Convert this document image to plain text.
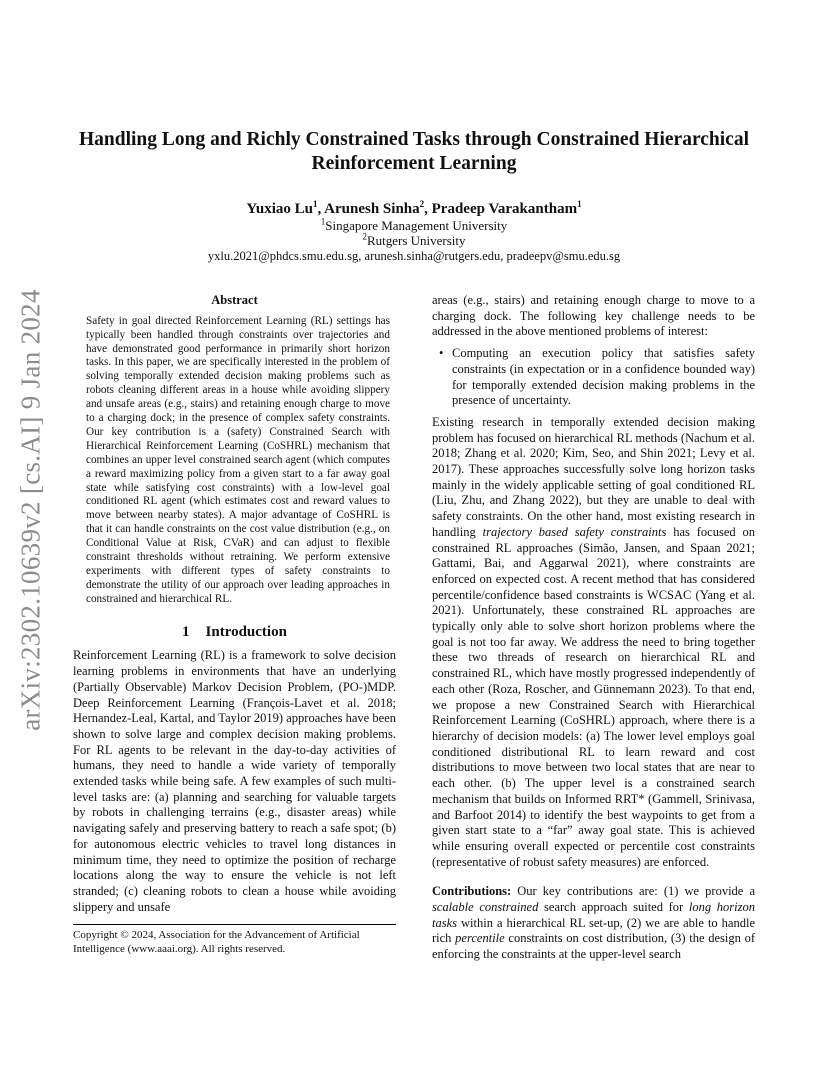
arXiv:2302.10639v2 [cs.AI] 9 Jan 2024
Handling Long and Richly Constrained Tasks through Constrained Hierarchical Reinforcement Learning
Yuxiao Lu$^1$, Arunesh Sinha$^2$, Pradeep Varakantham$^1$
$^1$Singapore Management University
$^2$Rutgers University
yxlu.2021@phdcs.smu.edu.sg, arunesh.sinha@rutgers.edu, pradeepv@smu.edu.sg
Abstract

Safety in goal directed Reinforcement Learning (RL) settings has typically been handled through constraints over trajectories and have demonstrated good performance in primarily short horizon tasks. In this paper, we are specifically interested in the problem of solving temporally extended decision making problems such as robots cleaning different areas in a house while avoiding slippery and unsafe areas (e.g., stairs) and retaining enough charge to move to a charging dock; in the presence of complex safety constraints. Our key contribution is a (safety) Constrained Search with Hierarchical Reinforcement Learning (CoSHRL) mechanism that combines an upper level constrained search agent (which computes a reward maximizing policy from a given start to a far away goal state while satisfying cost constraints) with a low-level goal conditioned RL agent (which estimates cost and reward values to move between nearby states). A major advantage of CoSHRL is that it can handle constraints on the cost value distribution (e.g., on Conditional Value at Risk, CVaR) and can adjust to flexible constraint thresholds without retraining. We perform extensive experiments with different types of safety constraints to demonstrate the utility of our approach over leading approaches in constrained and hierarchical RL.

1 Introduction

Reinforcement Learning (RL) is a framework to solve decision learning problems in environments that have an underlying (Partially Observable) Markov Decision Problem, (PO-)MDP. Deep Reinforcement Learning (François-Lavet et al. 2018; Hernandez-Leal, Kartal, and Taylor 2019) approaches have been shown to solve large and complex decision making problems. For RL agents to be relevant in the day-to-day activities of humans, they need to handle a wide variety of temporally extended tasks while being safe. A few examples of such multi-level tasks are: (a) planning and searching for valuable targets by robots in challenging terrains (e.g., disaster areas) while navigating safely and preserving battery to reach a safe spot; (b) for autonomous electric vehicles to travel long distances in minimum time, they need to optimize the position of recharge locations along the way to ensure the vehicle is not left stranded; (c) cleaning robots to clean a house while avoiding slippery and unsafe

areas (e.g., stairs) and retaining enough charge to move to a charging dock. The following key challenge needs to be addressed in the above mentioned problems of interest:

• Computing an execution policy that satisfies safety constraints (in expectation or in a confidence bounded way) for temporally extended decision making problems in the presence of uncertainty.

Existing research in temporally extended decision making problem has focused on hierarchical RL methods (Nachum et al. 2018; Zhang et al. 2020; Kim, Seo, and Shin 2021; Levy et al. 2017). These approaches successfully solve long horizon tasks mainly in the widely applicable setting of goal conditioned RL (Liu, Zhu, and Zhang 2022), but they are unable to deal with safety constraints. On the other hand, most existing research in handling trajectory based safety constraints has focused on constrained RL approaches (Simão, Jansen, and Spaan 2021; Gattami, Bai, and Aggarwal 2021), where constraints are enforced on expected cost. A recent method that has considered percentile/confidence based constraints is WCSAC (Yang et al. 2021). Unfortunately, these constrained RL approaches are typically only able to solve short horizon problems where the goal is not too far away. We address the need to bring together these two threads of research on hierarchical RL and constrained RL, which have mostly progressed independently of each other (Roza, Roscher, and Günnemann 2023). To that end, we propose a new Constrained Search with Hierarchical Reinforcement Learning (CoSHRL) approach, where there is a hierarchy of decision models: (a) The lower level employs goal conditioned distributional RL to learn reward and cost distributions to move between two local states that are near to each other. (b) The upper level is a constrained search mechanism that builds on Informed RRT* (Gammell, Srinivasa, and Barfoot 2014) to identify the best waypoints to get from a given start state to a “far” away goal state. This is achieved while ensuring overall expected or percentile cost constraints (representative of robust safety measures) are enforced.

Contributions: Our key contributions are: (1) we provide a scalable constrained search approach suited for long horizon tasks within a hierarchical RL set-up, (2) we are able to handle rich percentile constraints on cost distribution, (3) the design of enforcing the constraints at the upper-level search

Copyright © 2024, Association for the Advancement of Artificial Intelligence (www.aaai.org). All rights reserved.
